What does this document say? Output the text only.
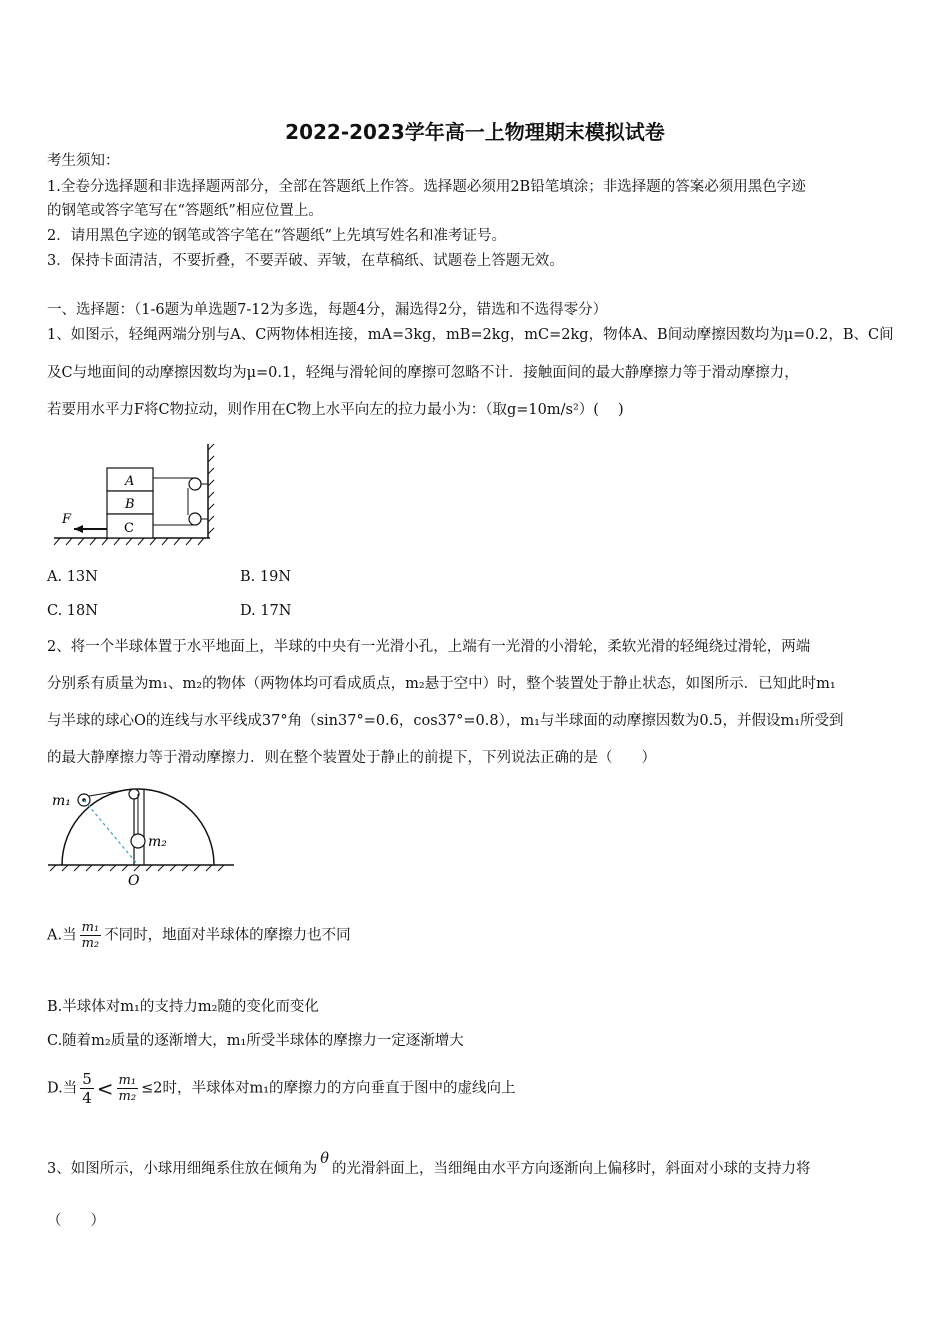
2022-2023学年高一上物理期末模拟试卷
考生须知：
1.全卷分选择题和非选择题两部分，全部在答题纸上作答。选择题必须用2B铅笔填涂；非选择题的答案必须用黑色字迹
的钢笔或答字笔写在“答题纸”相应位置上。
2．请用黑色字迹的钢笔或答字笔在“答题纸”上先填写姓名和准考证号。
3．保持卡面清洁，不要折叠，不要弄破、弄皱，在草稿纸、试题卷上答题无效。
一、选择题：（1-6题为单选题7-12为多选，每题4分，漏选得2分，错选和不选得零分）
1、如图示，轻绳两端分别与A、C两物体相连接，mA=3kg，mB=2kg，mC=2kg，物体A、B间动摩擦因数均为μ=0.2，B、C间
及C与地面间的动摩擦因数均为μ=0.1，轻绳与滑轮间的摩擦可忽略不计．接触面间的最大静摩擦力等于滑动摩擦力，
若要用水平力F将C物拉动，则作用在C物上水平向左的拉力最小为：（取g=10m/s²）(　 )
A
B
C
F
A. 13N	B. 19N
C. 18N	D. 17N
2、将一个半球体置于水平地面上，半球的中央有一光滑小孔，上端有一光滑的小滑轮，柔软光滑的轻绳绕过滑轮，两端
分别系有质量为m₁、m₂的物体（两物体均可看成质点，m₂悬于空中）时，整个装置处于静止状态，如图所示．已知此时m₁
与半球的球心O的连线与水平线成37°角（sin37°=0.6，cos37°=0.8），m₁与半球面的动摩擦因数为0.5，并假设m₁所受到
的最大静摩擦力等于滑动摩擦力．则在整个装置处于静止的前提下，下列说法正确的是（　　）
m₁
m₂
O
A.当 $\frac{\text{m₁}}{\text{m₂}}$ 不同时，地面对半球体的摩擦力也不同
B.半球体对m₁的支持力m₂随的变化而变化
C.随着m₂质量的逐渐增大，m₁所受半球体的摩擦力一定逐渐增大
D.当 $\frac{5}{4} < \frac{\text{m₁}}{\text{m₂}} \le 2$时，半球体对m₁的摩擦力的方向垂直于图中的虚线向上
3、如图所示，小球用细绳系住放在倾角为θ的光滑斜面上，当细绳由水平方向逐渐向上偏移时，斜面对小球的支持力将
（　　）
